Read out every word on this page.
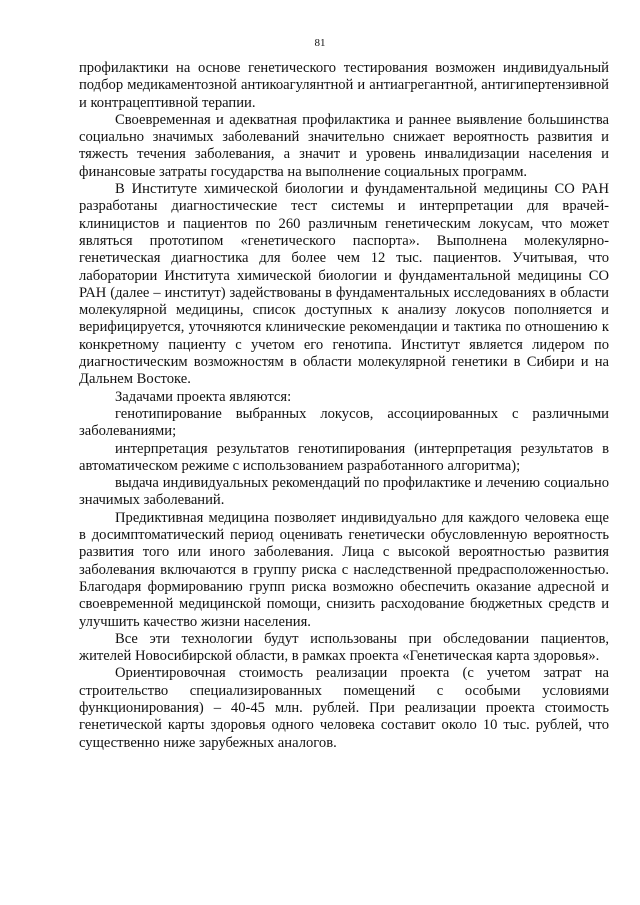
81

профилактики на основе генетического тестирования возможен индивидуальный подбор медикаментозной антикоагулянтной и антиагрегантной, антигипертензивной и контрацептивной терапии.

Своевременная и адекватная профилактика и раннее выявление большинства социально значимых заболеваний значительно снижает вероятность развития и тяжесть течения заболевания, а значит и уровень инвалидизации населения и финансовые затраты государства на выполнение социальных программ.

В Институте химической биологии и фундаментальной медицины СО РАН разработаны диагностические тест системы и интерпретации для врачей-клиницистов и пациентов по 260 различным генетическим локусам, что может являться прототипом «генетического паспорта». Выполнена молекулярно-генетическая диагностика для более чем 12 тыс. пациентов. Учитывая, что лаборатории Института химической биологии и фундаментальной медицины СО РАН (далее – институт) задействованы в фундаментальных исследованиях в области молекулярной медицины, список доступных к анализу локусов пополняется и верифицируется, уточняются клинические рекомендации и тактика по отношению к конкретному пациенту с учетом его генотипа. Институт является лидером по диагностическим возможностям в области молекулярной генетики в Сибири и на Дальнем Востоке.

Задачами проекта являются:

генотипирование выбранных локусов, ассоциированных с различными заболеваниями;

интерпретация результатов генотипирования (интерпретация результатов в автоматическом режиме с использованием разработанного алгоритма);

выдача индивидуальных рекомендаций по профилактике и лечению социально значимых заболеваний.

Предиктивная медицина позволяет индивидуально для каждого человека еще в досимптоматический период оценивать генетически обусловленную вероятность развития того или иного заболевания. Лица с высокой вероятностью развития заболевания включаются в группу риска с наследственной предрасположенностью. Благодаря формированию групп риска возможно обеспечить оказание адресной и своевременной медицинской помощи, снизить расходование бюджетных средств и улучшить качество жизни населения.

Все эти технологии будут использованы при обследовании пациентов, жителей Новосибирской области, в рамках проекта «Генетическая карта здоровья».

Ориентировочная стоимость реализации проекта (с учетом затрат на строительство специализированных помещений с особыми условиями функционирования) – 40-45 млн. рублей. При реализации проекта стоимость генетической карты здоровья одного человека составит около 10 тыс. рублей, что существенно ниже зарубежных аналогов.
